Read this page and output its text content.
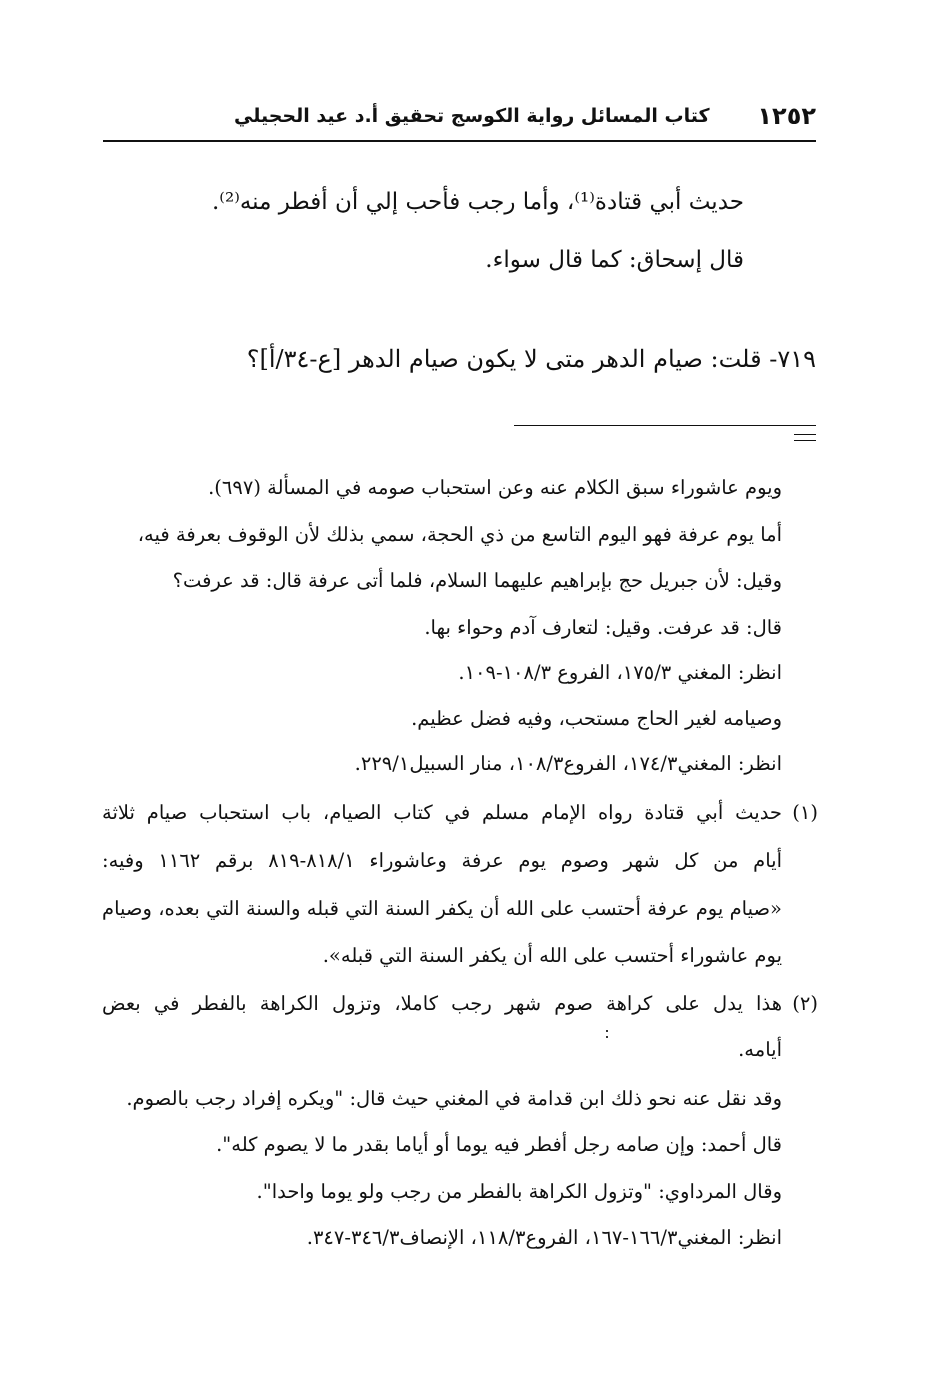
١٢٥٢
كتاب المسائل رواية الكوسج تحقيق أ.د عيد الحجيلي
حديث أبي قتادة⁽¹⁾، وأما رجب فأحب إلي أن أفطر منه⁽²⁾.
قال إسحاق: كما قال سواء.
٧١٩- قلت: صيام الدهر متى لا يكون صيام الدهر [ع-٣٤/أ]؟
ويوم عاشوراء سبق الكلام عنه وعن استحباب صومه في المسألة (٦٩٧).
أما يوم عرفة فهو اليوم التاسع من ذي الحجة، سمي بذلك لأن الوقوف بعرفة فيه،
وقيل: لأن جبريل حج بإبراهيم عليهما السلام، فلما أتى عرفة قال: قد عرفت؟
قال: قد عرفت. وقيل: لتعارف آدم وحواء بها.
انظر: المغني ١٧٥/٣، الفروع ١٠٨/٣-١٠٩.
وصيامه لغير الحاج مستحب، وفيه فضل عظيم.
انظر: المغني١٧٤/٣، الفروع١٠٨/٣، منار السبيل٢٢٩/١.
(١)
حديث أبي قتادة رواه الإمام مسلم في كتاب الصيام، باب استحباب صيام ثلاثة
أيام من كل شهر وصوم يوم عرفة وعاشوراء ٨١٨/١-٨١٩ برقم ١١٦٢ وفيه:
«صيام يوم عرفة أحتسب على الله أن يكفر السنة التي قبله والسنة التي بعده، وصيام
يوم عاشوراء أحتسب على الله أن يكفر السنة التي قبله».
(٢)
هذا يدل على كراهة صوم شهر رجب كاملا، وتزول الكراهة بالفطر في بعض
أيامه.
وقد نقل عنه نحو ذلك ابن قدامة في المغني حيث قال: "ويكره إفراد رجب بالصوم.
قال أحمد: وإن صامه رجل أفطر فيه يوما أو أياما بقدر ما لا يصوم كله".
وقال المرداوي: "وتزول الكراهة بالفطر من رجب ولو يوما واحدا".
انظر: المغني١٦٦/٣-١٦٧، الفروع١١٨/٣، الإنصاف٣٤٦/٣-٣٤٧.
